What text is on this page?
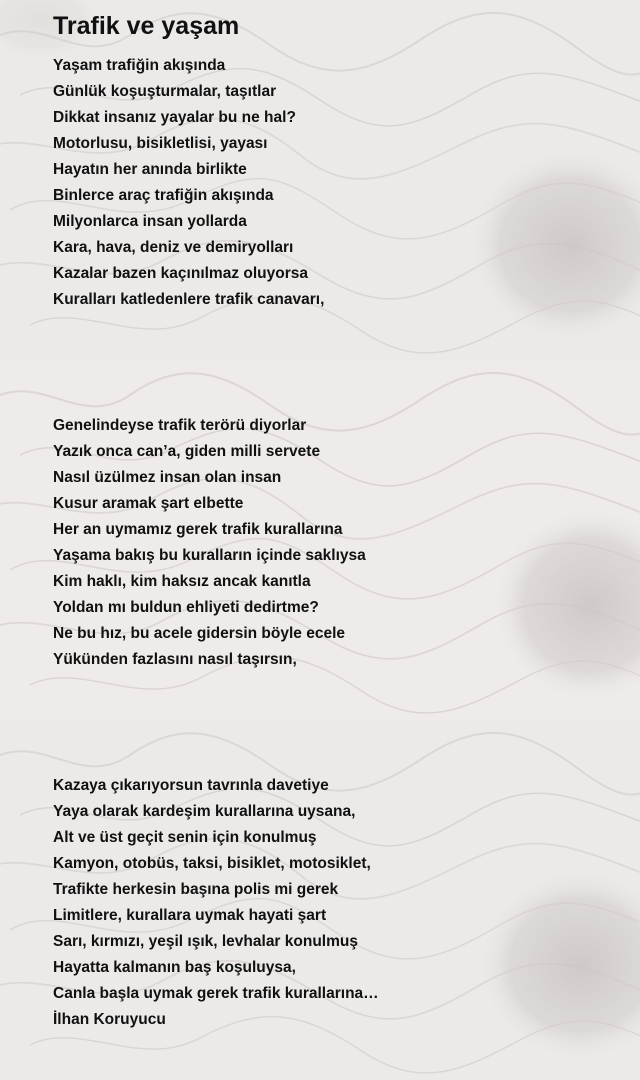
Trafik ve yaşam
Yaşam trafiğin akışında
Günlük koşuşturmalar, taşıtlar
Dikkat insanız yayalar bu ne hal?
Motorlusu, bisikletlisi, yayası
Hayatın her anında birlikte
Binlerce araç trafiğin akışında
Milyonlarca insan yollarda
Kara, hava, deniz ve demiryolları
Kazalar bazen kaçınılmaz oluyorsa
Kuralları katledenlere trafik canavarı,
Genelindeyse trafik terörü diyorlar
Yazık onca can’a, giden milli servete
Nasıl üzülmez insan olan insan
Kusur aramak şart elbette
Her an uymamız gerek trafik kurallarına
Yaşama bakış bu kuralların içinde saklıysa
Kim haklı, kim haksız ancak kanıtla
Yoldan mı buldun ehliyeti dedirtme?
Ne bu hız, bu acele gidersin böyle ecele
Yükünden fazlasını nasıl taşırsın,
Kazaya çıkarıyorsun tavrınla davetiye
Yaya olarak kardeşim kurallarına uysana,
Alt ve üst geçit senin için konulmuş
Kamyon, otobüs, taksi, bisiklet, motosiklet,
Trafikte herkesin başına polis mi gerek
Limitlere, kurallara uymak hayati şart
Sarı, kırmızı, yeşil ışık, levhalar konulmuş
Hayatta kalmanın baş koşuluysa,
Canla başla uymak gerek trafik kurallarına…
İlhan Koruyucu
